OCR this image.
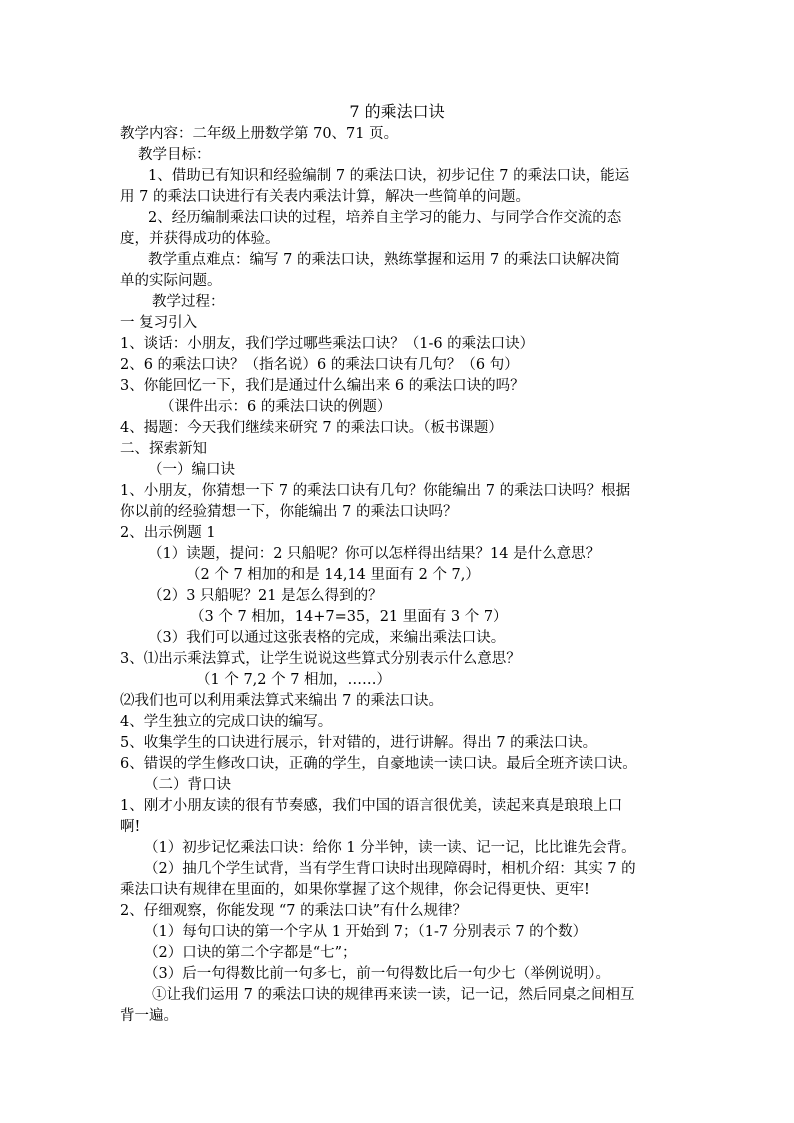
7 的乘法口诀
教学内容：二年级上册数学第 70、71 页。
教学目标：
1、借助已有知识和经验编制 7 的乘法口诀，初步记住 7 的乘法口诀，能运
用 7 的乘法口诀进行有关表内乘法计算，解决一些简单的问题。
2、经历编制乘法口诀的过程，培养自主学习的能力、与同学合作交流的态
度，并获得成功的体验。
教学重点难点：编写 7 的乘法口诀，熟练掌握和运用 7 的乘法口诀解决简
单的实际问题。
教学过程：
一 复习引入
1、谈话：小朋友，我们学过哪些乘法口诀？（1-6 的乘法口诀）
2、6 的乘法口诀？（指名说）6 的乘法口诀有几句？（6 句）
3、你能回忆一下，我们是通过什么编出来 6 的乘法口诀的吗？
（课件出示：6 的乘法口诀的例题）
4、揭题：今天我们继续来研究 7 的乘法口诀。（板书课题）
二、探索新知
（一）编口诀
1、小朋友，你猜想一下 7 的乘法口诀有几句？你能编出 7 的乘法口诀吗？根据
你以前的经验猜想一下，你能编出 7 的乘法口诀吗？
2、出示例题 1
（1）读题，提问：2 只船呢？你可以怎样得出结果？14 是什么意思？
（2 个 7 相加的和是 14,14 里面有 2 个 7,）
（2）3 只船呢？21 是怎么得到的？
（3 个 7 相加，14+7=35，21 里面有 3 个 7）
（3）我们可以通过这张表格的完成，来编出乘法口诀。
3、⑴出示乘法算式，让学生说说这些算式分别表示什么意思？
（1 个 7,2 个 7 相加，……）
⑵我们也可以利用乘法算式来编出 7 的乘法口诀。
4、学生独立的完成口诀的编写。
5、收集学生的口诀进行展示，针对错的，进行讲解。得出 7 的乘法口诀。
6、错误的学生修改口诀，正确的学生，自豪地读一读口诀。最后全班齐读口诀。
（二）背口诀
1、刚才小朋友读的很有节奏感，我们中国的语言很优美，读起来真是琅琅上口
啊!
（1）初步记忆乘法口诀：给你 1 分半钟，读一读、记一记，比比谁先会背。
（2）抽几个学生试背，当有学生背口诀时出现障碍时，相机介绍：其实 7 的
乘法口诀有规律在里面的，如果你掌握了这个规律，你会记得更快、更牢!
2、仔细观察，你能发现 “7 的乘法口诀”有什么规律？
（1）每句口诀的第一个字从 1 开始到 7；（1-7 分别表示 7 的个数）
（2）口诀的第二个字都是“七”；
（3）后一句得数比前一句多七，前一句得数比后一句少七（举例说明）。
①让我们运用 7 的乘法口诀的规律再来读一读，记一记，然后同桌之间相互
背一遍。
